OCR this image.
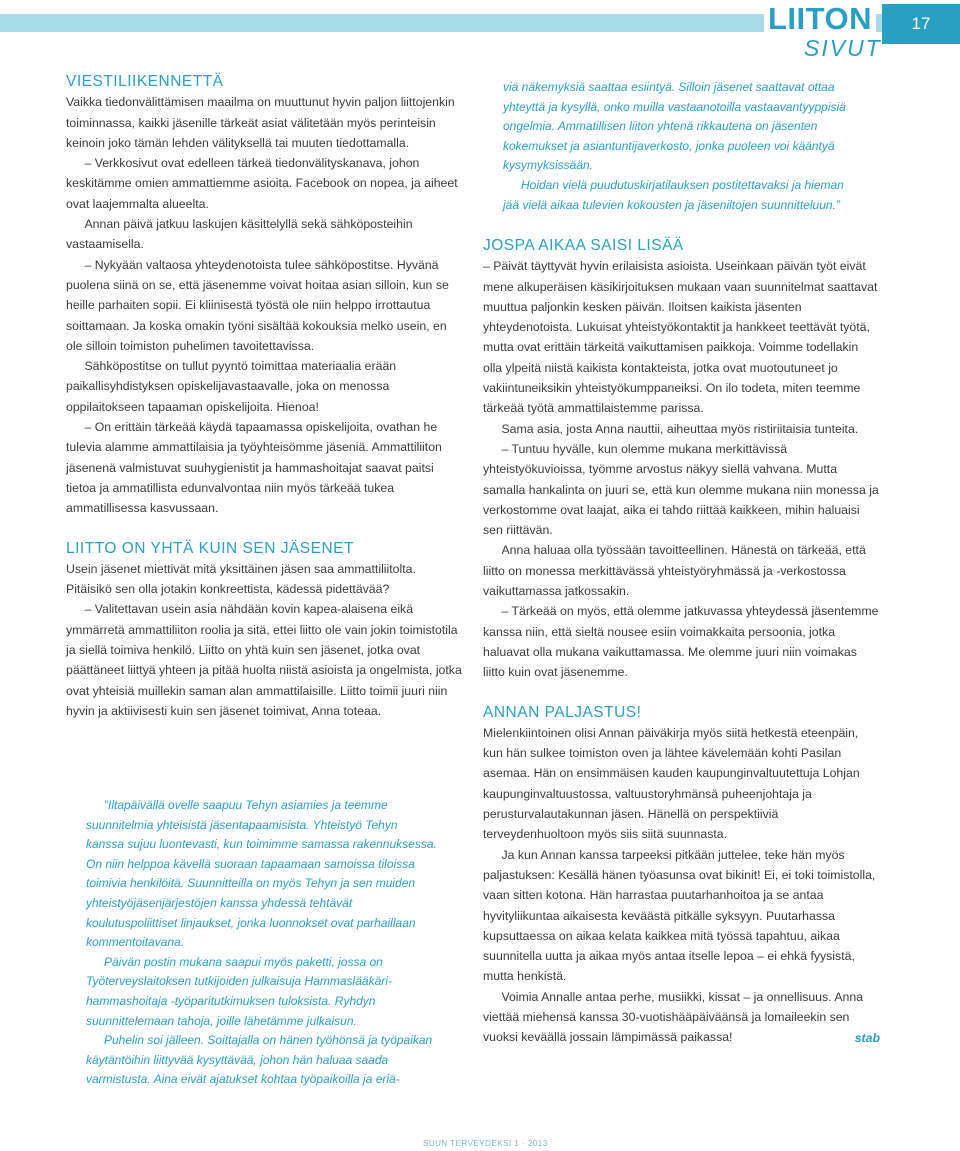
LIITON
SIVUT
17
VIESTILIIKENNETTÄ

Vaikka tiedonvälittämisen maailma on muuttunut hyvin paljon liittojenkin toiminnassa, kaikki jäsenille tärkeät asiat välitetään myös perinteisin keinoin joko tämän lehden välityksellä tai muuten tiedottamalla.

– Verkkosivut ovat edelleen tärkeä tiedonvälityskanava, johon keskitämme omien ammattiemme asioita. Facebook on nopea, ja aiheet ovat laajemmalta alueelta.

Annan päivä jatkuu laskujen käsittelyllä sekä sähköposteihin vastaamisella.

– Nykyään valtaosa yhteydenotoista tulee sähköpostitse. Hyvänä puolena siinä on se, että jäsenemme voivat hoitaa asian silloin, kun se heille parhaiten sopii. Ei kliinisestä työstä ole niin helppo irrottautua soittamaan. Ja koska omakin työni sisältää kokouksia melko usein, en ole silloin toimiston puhelimen tavoitettavissa.

Sähköpostitse on tullut pyyntö toimittaa materiaalia erään paikallisyhdistyksen opiskelijavastaavalle, joka on menossa oppilaitokseen tapaaman opiskelijoita. Hienoa!

– On erittäin tärkeää käydä tapaamassa opiskelijoita, ovathan he tulevia alamme ammattilaisia ja työyhteisömme jäseniä. Ammattiliiton jäsenenä valmistuvat suuhygienistit ja hammashoitajat saavat paitsi tietoa ja ammatillista edunvalvontaa niin myös tärkeää tukea ammatillisessa kasvussaan.

LIITTO ON YHTÄ KUIN SEN JÄSENET

Usein jäsenet miettivät mitä yksittäinen jäsen saa ammattiliitolta. Pitäisikö sen olla jotakin konkreettista, kädessä pidettävää?

– Valitettavan usein asia nähdään kovin kapea-alaisena eikä ymmärretä ammattiliiton roolia ja sitä, ettei liitto ole vain jokin toimistotila ja siellä toimiva henkilö. Liitto on yhtä kuin sen jäsenet, jotka ovat päättäneet liittyä yhteen ja pitää huolta niistä asioista ja ongelmista, jotka ovat yhteisiä muillekin saman alan ammattilaisille. Liitto toimii juuri niin hyvin ja aktiivisesti kuin sen jäsenet toimivat, Anna toteaa.

”Iltapäivällä ovelle saapuu Tehyn asiamies ja teemme suunnitelmia yhteisistä jäsentapaamisista. Yhteistyö Tehyn kanssa sujuu luontevasti, kun toimimme samassa rakennuksessa. On niin helppoa kävellä suoraan tapaamaan samoissa tiloissa toimivia henkilöitä. Suunnitteilla on myös Tehyn ja sen muiden yhteistyöjäsenjärjestöjen kanssa yhdessä tehtävät koulutuspoliittiset linjaukset, jonka luonnokset ovat parhaillaan kommentoitavana.

Päivän postin mukana saapui myös paketti, jossa on Työterveyslaitoksen tutkijoiden julkaisuja Hammaslääkäri-hammashoitaja -työparitutkimuksen tuloksista. Ryhdyn suunnittelemaan tahoja, joille lähetämme julkaisun.

Puhelin soi jälleen. Soittajalla on hänen työhönsä ja työpaikan käytäntöihin liittyvää kysyttävää, johon hän haluaa saada varmistusta. Aina eivät ajatukset kohtaa työpaikoilla ja eriä-

viä näkemyksiä saattaa esiintyä. Silloin jäsenet saattavat ottaa yhteyttä ja kysyllä, onko muilla vastaanotoilla vastaavantyyppisiä ongelmia. Ammatillisen liiton yhtenä rikkautena on jäsenten kokemukset ja asiantuntijaverkosto, jonka puoleen voi kääntyä kysymyksissään.

Hoidan vielä puudutuskirjatilauksen postitettavaksi ja hieman jää vielä aikaa tulevien kokousten ja jäseniltojen suunnitteluun.”

JOSPA AIKAA SAISI LISÄÄ

– Päivät täyttyvät hyvin erilaisista asioista. Useinkaan päivän työt eivät mene alkuperäisen käsikirjoituksen mukaan vaan suunnitelmat saattavat muuttua paljonkin kesken päivän. Iloitsen kaikista jäsenten yhteydenotoista. Lukuisat yhteistyökontaktit ja hankkeet teettävät työtä, mutta ovat erittäin tärkeitä vaikuttamisen paikkoja. Voimme todellakin olla ylpeitä niistä kaikista kontakteista, jotka ovat muotoutuneet jo vakiintuneiksikin yhteistyökumppaneiksi. On ilo todeta, miten teemme tärkeää työtä ammattilaistemme parissa.

Sama asia, josta Anna nauttii, aiheuttaa myös ristiriitaisia tunteita.

– Tuntuu hyvälle, kun olemme mukana merkittävissä yhteistyökuvioissa, työmme arvostus näkyy siellä vahvana. Mutta samalla hankalinta on juuri se, että kun olemme mukana niin monessa ja verkostomme ovat laajat, aika ei tahdo riittää kaikkeen, mihin haluaisi sen riittävän.

Anna haluaa olla työssään tavoitteellinen. Hänestä on tärkeää, että liitto on monessa merkittävässä yhteistyöryhmässä ja -verkostossa vaikuttamassa jatkossakin.

– Tärkeää on myös, että olemme jatkuvassa yhteydessä jäsentemme kanssa niin, että sieltä nousee esiin voimakkaita persoonia, jotka haluavat olla mukana vaikuttamassa. Me olemme juuri niin voimakas liitto kuin ovat jäsenemme.

ANNAN PALJASTUS!

Mielenkiintoinen olisi Annan päiväkirja myös siitä hetkestä eteenpäin, kun hän sulkee toimiston oven ja lähtee kävelemään kohti Pasilan asemaa. Hän on ensimmäisen kauden kaupunginvaltuutettuja Lohjan kaupunginvaltuustossa, valtuustoryhmänsä puheenjohtaja ja perusturvalautakunnan jäsen. Hänellä on perspektiiviä terveydenhuoltoon myös siis siitä suunnasta.

Ja kun Annan kanssa tarpeeksi pitkään juttelee, teke hän myös paljastuksen: Kesällä hänen työasunsa ovat bikinit! Ei, ei toki toimistolla, vaan sitten kotona. Hän harrastaa puutarhanhoitoa ja se antaa hyvityliikuntaa aikaisesta keväästä pitkälle syksyyn. Puutarhassa kupsuttaessa on aikaa kelata kaikkea mitä työssä tapahtuu, aikaa suunnitella uutta ja aikaa myös antaa itselle lepoa – ei ehkä fyysistä, mutta henkistä.

Voimia Annalle antaa perhe, musiikki, kissat – ja onnellisuus. Anna viettää miehensä kanssa 30-vuotishääpäiväänsä ja lomaileekin sen vuoksi keväällä jossain lämpimässä paikassa!	stab

SUUN TERVEYDEKSI 1 · 2013
